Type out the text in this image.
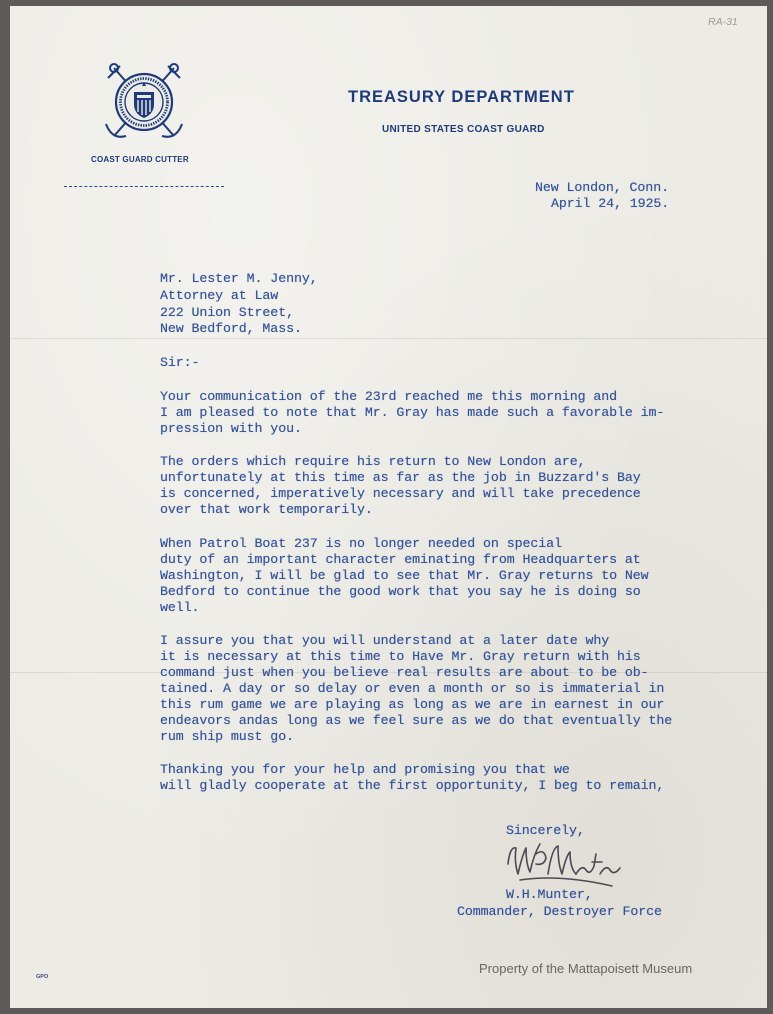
RA-31
TREASURY DEPARTMENT
UNITED STATES COAST GUARD
COAST GUARD CUTTER
New London, Conn.
April 24, 1925.
Mr. Lester M. Jenny,
Attorney at Law
222 Union Street,
New Bedford, Mass.
Sir:-
Your communication of the 23rd reached me this morning and
I am pleased to note that Mr. Gray has made such a favorable im-
pression with you.
The orders which require his return to New London are,
unfortunately at this time as far as the job in Buzzard's Bay
is concerned, imperatively necessary and will take precedence
over that work temporarily.
When Patrol Boat 237 is no longer needed on special
duty of an important character eminating from Headquarters at
Washington, I will be glad to see that Mr. Gray returns to New
Bedford to continue the good work that you say he is doing so
well.
I assure you that you will understand at a later date why
it is necessary at this time to Have Mr. Gray return with his
command just when you believe real results are about to be ob-
tained. A day or so delay or even a month or so is immaterial in
this rum game we are playing as long as we are in earnest in our
endeavors andas long as we feel sure as we do that eventually the
rum ship must go.
Thanking you for your help and promising you that we
will gladly cooperate at the first opportunity, I beg to remain,
Sincerely,
W.H.Munter,
Commander, Destroyer Force
GPO
Property of the Mattapoisett Museum
